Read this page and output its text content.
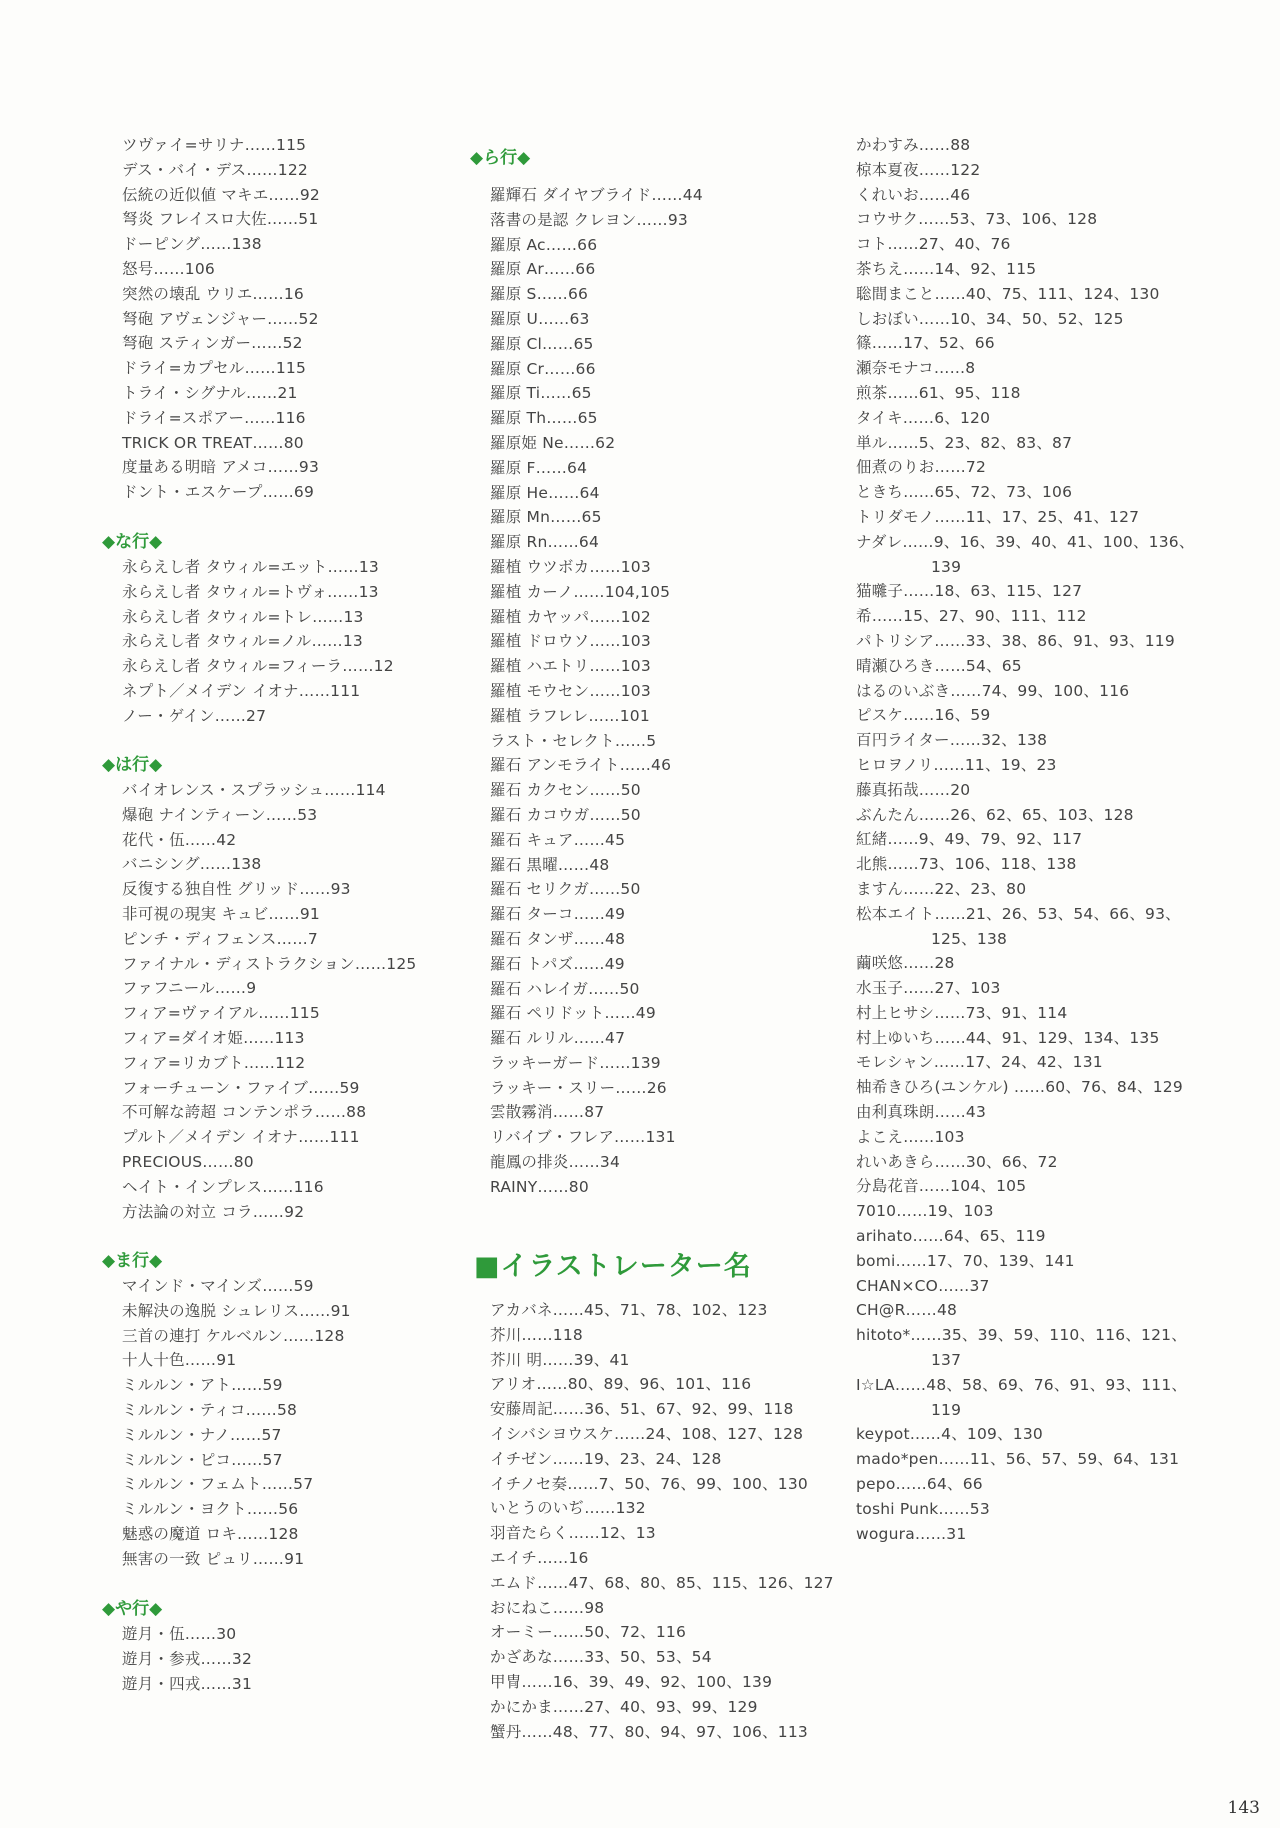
ツヴァイ=サリナ……115
デス・バイ・デス……122
伝統の近似値 マキエ……92
弩炎 フレイスロ大佐……51
ドーピング……138
怒号……106
突然の壊乱 ウリエ……16
弩砲 アヴェンジャー……52
弩砲 スティンガー……52
ドライ=カプセル……115
トライ・シグナル……21
ドライ=スポアー……116
TRICK OR TREAT……80
度量ある明暗 アメコ……93
ドント・エスケープ……69
◆な行◆
永らえし者 タウィル=エット……13
永らえし者 タウィル=トヴォ……13
永らえし者 タウィル=トレ……13
永らえし者 タウィル=ノル……13
永らえし者 タウィル=フィーラ……12
ネプト／メイデン イオナ……111
ノー・ゲイン……27
◆は行◆
バイオレンス・スプラッシュ……114
爆砲 ナインティーン……53
花代・伍……42
バニシング……138
反復する独自性 グリッド……93
非可視の現実 キュビ……91
ピンチ・ディフェンス……7
ファイナル・ディストラクション……125
ファフニール……9
フィア=ヴァイアル……115
フィア=ダイオ姫……113
フィア=リカブト……112
フォーチューン・ファイブ……59
不可解な誇超 コンテンポラ……88
プルト／メイデン イオナ……111
PRECIOUS……80
ヘイト・インプレス……116
方法論の対立 コラ……92
◆ま行◆
マインド・マインズ……59
未解決の逸脱 シュレリス……91
三首の連打 ケルベルン……128
十人十色……91
ミルルン・アト……59
ミルルン・ティコ……58
ミルルン・ナノ……57
ミルルン・ピコ……57
ミルルン・フェムト……57
ミルルン・ヨクト……56
魅惑の魔道 ロキ……128
無害の一致 ピュリ……91
◆や行◆
遊月・伍……30
遊月・参戎……32
遊月・四戎……31
◆ら行◆
羅輝石 ダイヤブライド……44
落書の是認 クレヨン……93
羅原 Ac……66
羅原 Ar……66
羅原 S……66
羅原 U……63
羅原 Cl……65
羅原 Cr……66
羅原 Ti……65
羅原 Th……65
羅原姫 Ne……62
羅原 F……64
羅原 He……64
羅原 Mn……65
羅原 Rn……64
羅植 ウツボカ……103
羅植 カーノ……104,105
羅植 カヤッパ……102
羅植 ドロウソ……103
羅植 ハエトリ……103
羅植 モウセン……103
羅植 ラフレレ……101
ラスト・セレクト……5
羅石 アンモライト……46
羅石 カクセン……50
羅石 カコウガ……50
羅石 キュア……45
羅石 黒曜……48
羅石 セリクガ……50
羅石 ターコ……49
羅石 タンザ……48
羅石 トパズ……49
羅石 ハレイガ……50
羅石 ペリドット……49
羅石 ルリル……47
ラッキーガード……139
ラッキー・スリー……26
雲散霧消……87
リバイブ・フレア……131
龍鳳の排炎……34
RAINY……80
アカバネ……45、71、78、102、123
芥川……118
芥川 明……39、41
アリオ……80、89、96、101、116
安藤周記……36、51、67、92、99、118
イシバシヨウスケ……24、108、127、128
イチゼン……19、23、24、128
イチノセ奏……7、50、76、99、100、130
いとうのいぢ……132
羽音たらく……12、13
エイチ……16
エムド……47、68、80、85、115、126、127
おにねこ……98
オーミー……50、72、116
かざあな……33、50、53、54
甲冑……16、39、49、92、100、139
かにかま……27、40、93、99、129
蟹丹……48、77、80、94、97、106、113
■イラストレーター名
かわすみ……88
椋本夏夜……122
くれいお……46
コウサク……53、73、106、128
コト……27、40、76
茶ちえ……14、92、115
聡間まこと……40、75、111、124、130
しおぼい……10、34、50、52、125
篠……17、52、66
瀬奈モナコ……8
煎茶……61、95、118
タイキ……6、120
単ル……5、23、82、83、87
佃煮のりお……72
ときち……65、72、73、106
トリダモノ……11、17、25、41、127
ナダレ……9、16、39、40、41、100、136、
139
猫囃子……18、63、115、127
希……15、27、90、111、112
パトリシア……33、38、86、91、93、119
晴瀬ひろき……54、65
はるのいぶき……74、99、100、116
ピスケ……16、59
百円ライター……32、138
ヒロヲノリ……11、19、23
藤真拓哉……20
ぶんたん……26、62、65、103、128
紅緒……9、49、79、92、117
北熊……73、106、118、138
ますん……22、23、80
松本エイト……21、26、53、54、66、93、
125、138
繭咲悠……28
水玉子……27、103
村上ヒサシ……73、91、114
村上ゆいち……44、91、129、134、135
モレシャン……17、24、42、131
柚希きひろ(ユンケル) ……60、76、84、129
由利真珠朗……43
よこえ……103
れいあきら……30、66、72
分島花音……104、105
7010……19、103
arihato……64、65、119
bomi……17、70、139、141
CHAN×CO……37
CH@R……48
hitoto*……35、39、59、110、116、121、
137
I☆LA……48、58、69、76、91、93、111、
119
keypot……4、109、130
mado*pen……11、56、57、59、64、131
pepo……64、66
toshi Punk……53
wogura……31
143
